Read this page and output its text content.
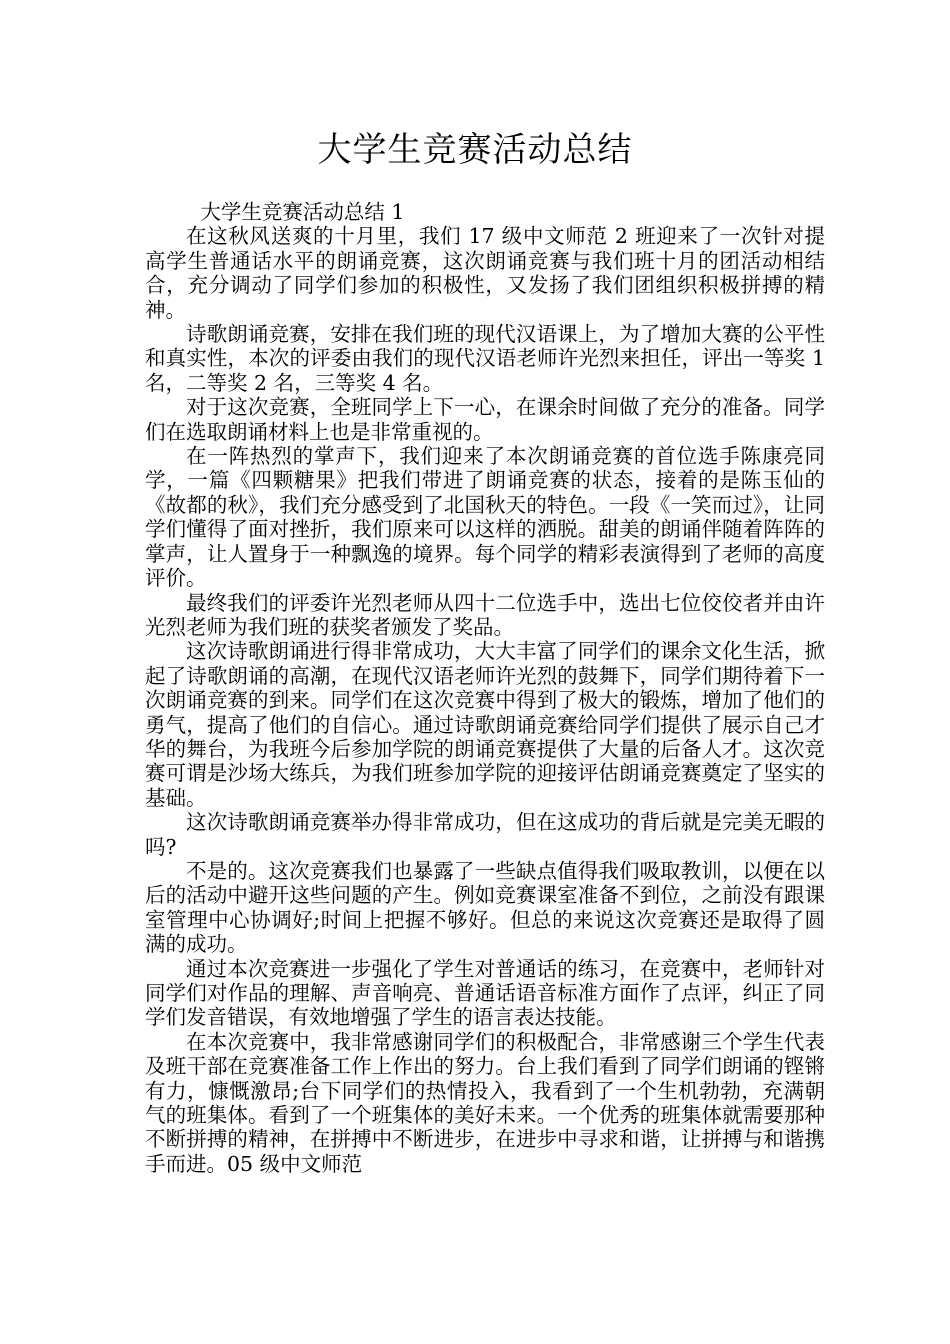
大学生竞赛活动总结

大学生竞赛活动总结 1

在这秋风送爽的十月里，我们 17 级中文师范 2 班迎来了一次针对提高学生普通话水平的朗诵竞赛，这次朗诵竞赛与我们班十月的团活动相结合，充分调动了同学们参加的积极性，又发扬了我们团组织积极拼搏的精神。

诗歌朗诵竞赛，安排在我们班的现代汉语课上，为了增加大赛的公平性和真实性，本次的评委由我们的现代汉语老师许光烈来担任，评出一等奖 1 名，二等奖 2 名，三等奖 4 名。

对于这次竞赛，全班同学上下一心，在课余时间做了充分的准备。同学们在选取朗诵材料上也是非常重视的。

在一阵热烈的掌声下，我们迎来了本次朗诵竞赛的首位选手陈康亮同学，一篇《四颗糖果》把我们带进了朗诵竞赛的状态，接着的是陈玉仙的《故都的秋》，我们充分感受到了北国秋天的特色。一段《一笑而过》，让同学们懂得了面对挫折，我们原来可以这样的洒脱。甜美的朗诵伴随着阵阵的掌声，让人置身于一种飘逸的境界。每个同学的精彩表演得到了老师的高度评价。

最终我们的评委许光烈老师从四十二位选手中，选出七位佼佼者并由许光烈老师为我们班的获奖者颁发了奖品。

这次诗歌朗诵进行得非常成功，大大丰富了同学们的课余文化生活，掀起了诗歌朗诵的高潮，在现代汉语老师许光烈的鼓舞下，同学们期待着下一次朗诵竞赛的到来。同学们在这次竞赛中得到了极大的锻炼，增加了他们的勇气，提高了他们的自信心。通过诗歌朗诵竞赛给同学们提供了展示自己才华的舞台，为我班今后参加学院的朗诵竞赛提供了大量的后备人才。这次竞赛可谓是沙场大练兵，为我们班参加学院的迎接评估朗诵竞赛奠定了坚实的基础。

这次诗歌朗诵竞赛举办得非常成功，但在这成功的背后就是完美无暇的吗?

不是的。这次竞赛我们也暴露了一些缺点值得我们吸取教训，以便在以后的活动中避开这些问题的产生。例如竞赛课室准备不到位，之前没有跟课室管理中心协调好;时间上把握不够好。但总的来说这次竞赛还是取得了圆满的成功。

通过本次竞赛进一步强化了学生对普通话的练习，在竞赛中，老师针对同学们对作品的理解、声音响亮、普通话语音标准方面作了点评，纠正了同学们发音错误，有效地增强了学生的语言表达技能。

在本次竞赛中，我非常感谢同学们的积极配合，非常感谢三个学生代表及班干部在竞赛准备工作上作出的努力。台上我们看到了同学们朗诵的铿锵有力，慷慨激昂;台下同学们的热情投入，我看到了一个生机勃勃，充满朝气的班集体。看到了一个班集体的美好未来。一个优秀的班集体就需要那种不断拼搏的精神，在拼搏中不断进步，在进步中寻求和谐，让拼搏与和谐携手而进。05 级中文师范
